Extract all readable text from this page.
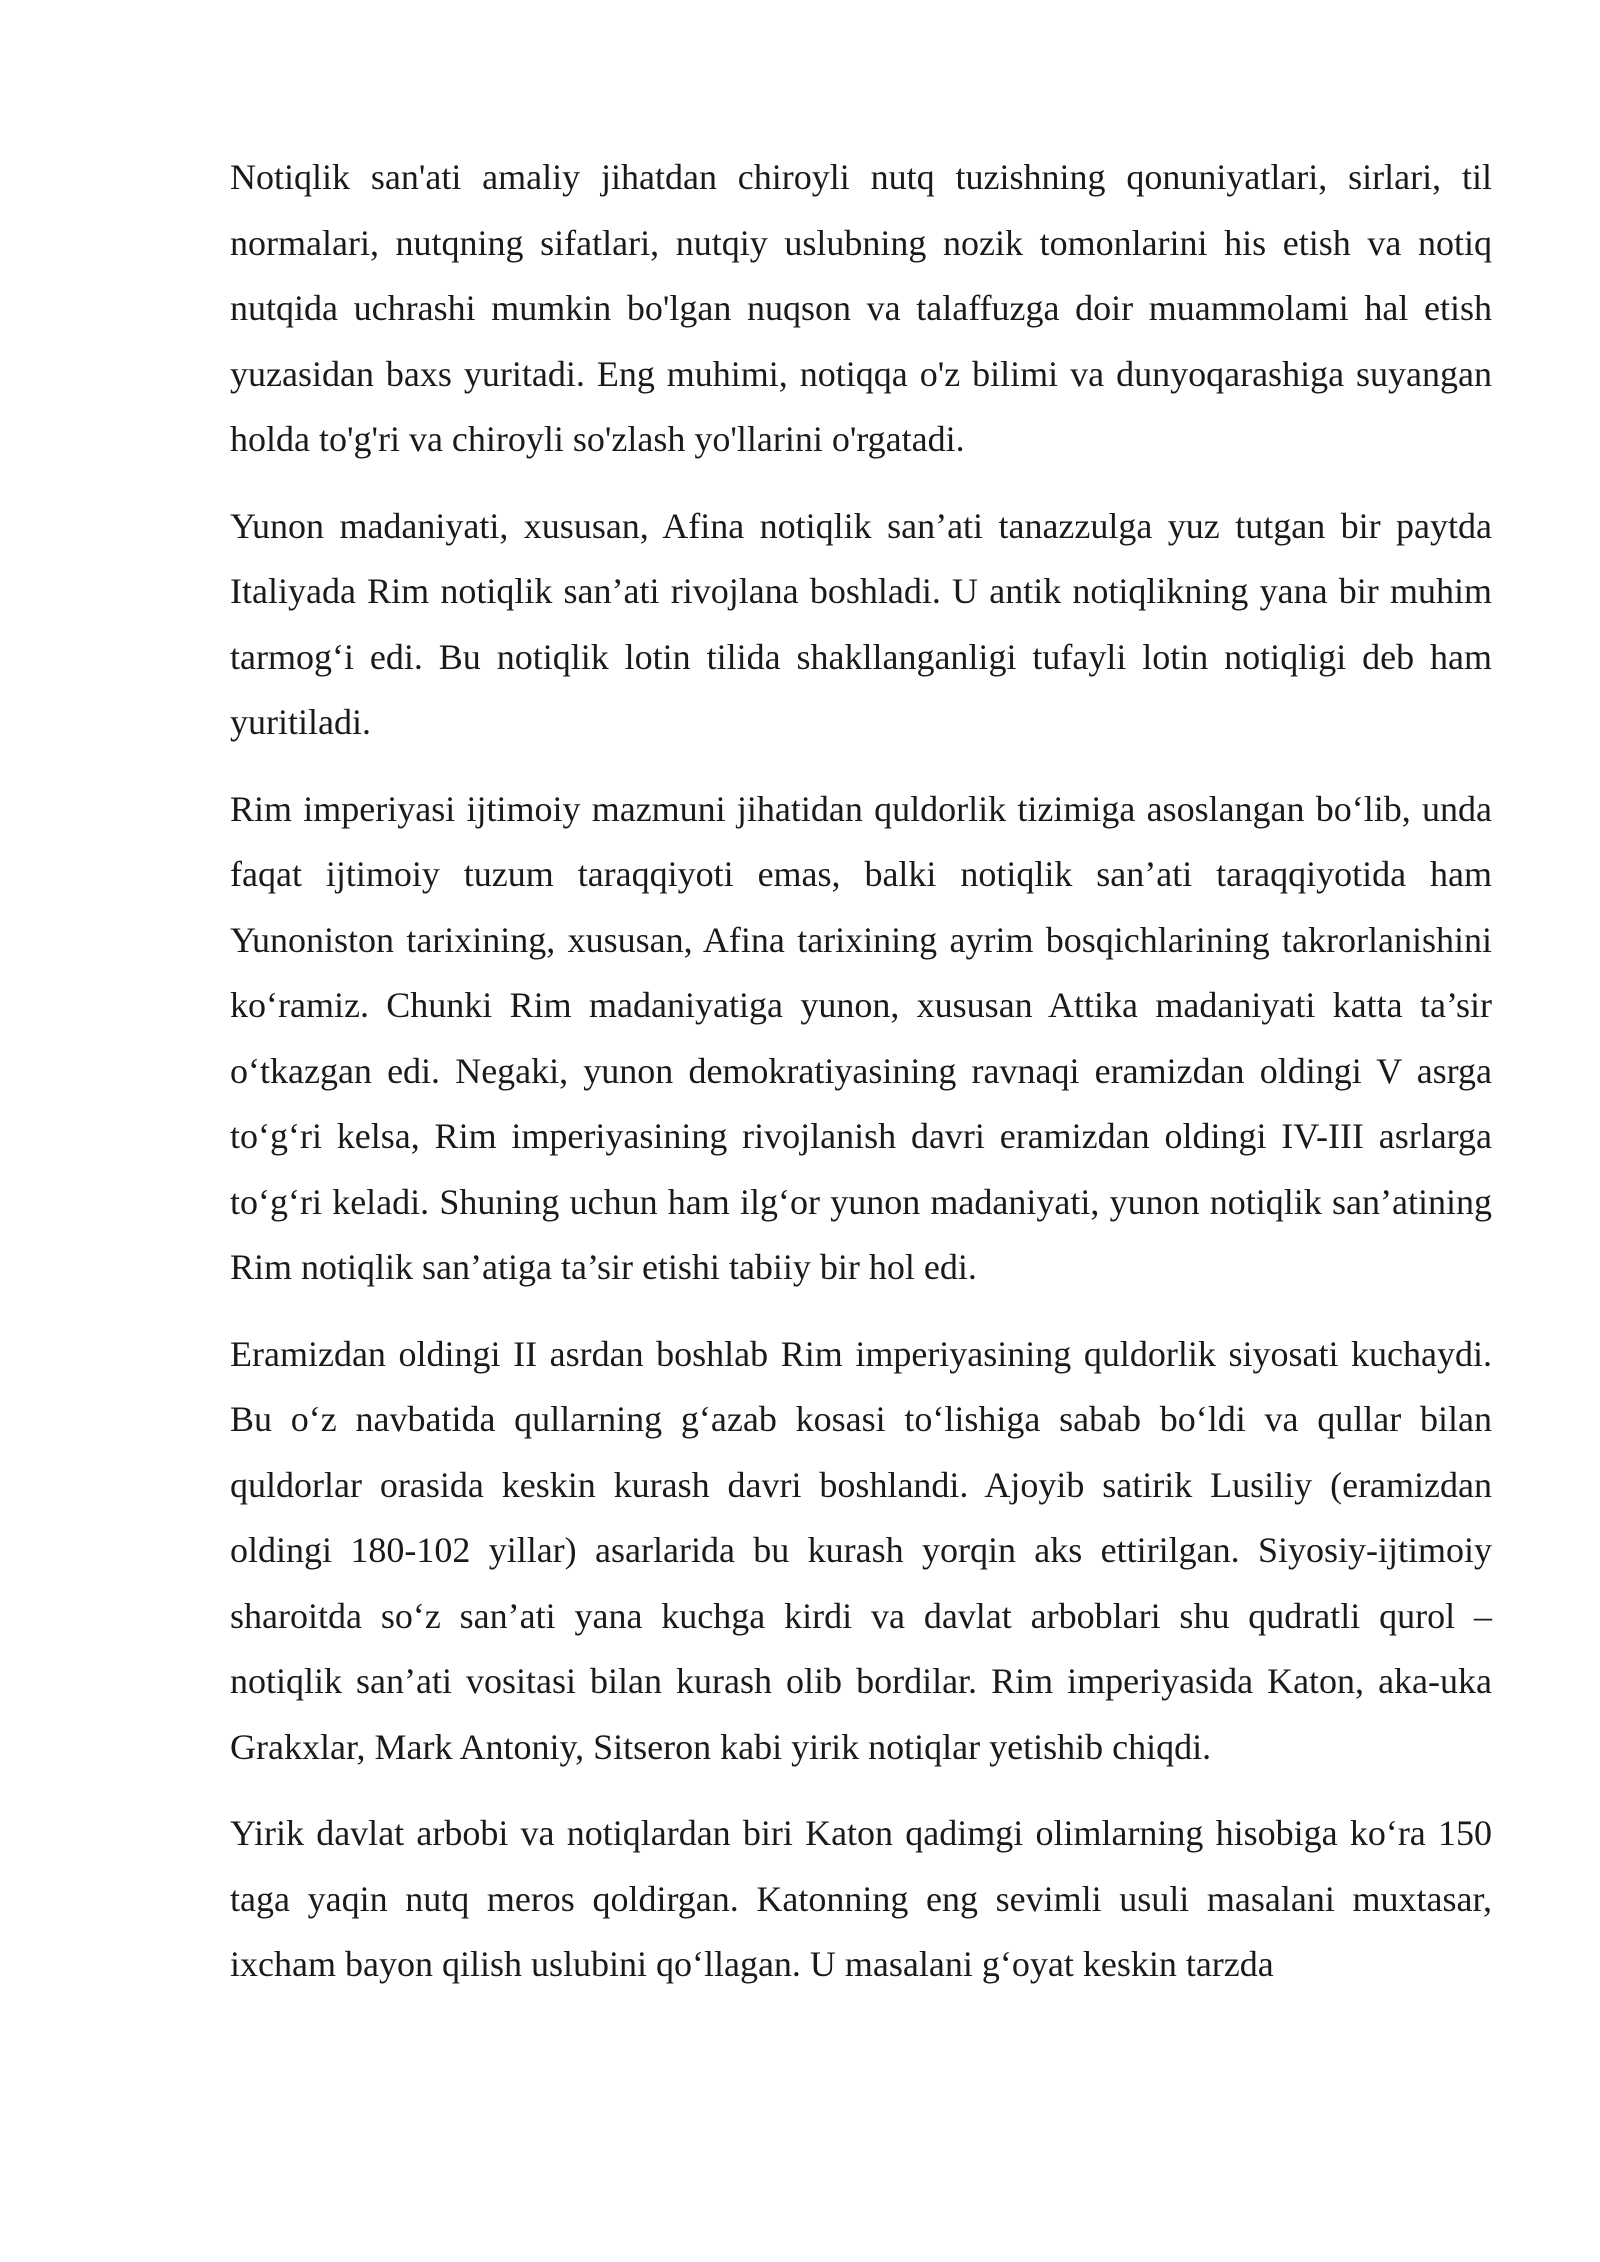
Notiqlik san'ati amaliy jihatdan chiroyli nutq tuzishning qonuniyatlari, sirlari, til normalari, nutqning sifatlari, nutqiy uslubning nozik tomonlarini his etish va notiq nutqida uchrashi mumkin bo'lgan nuqson va talaffuzga doir muammolami hal etish yuzasidan baxs yuritadi. Eng muhimi, notiqqa o'z bilimi va dunyoqarashiga suyangan holda to'g'ri va chiroyli so'zlash yo'llarini o'rgatadi.

Yunon madaniyati, xususan, Afina notiqlik san’ati tanazzulga yuz tutgan bir paytda Italiyada Rim notiqlik san’ati rivojlana boshladi. U antik notiqlikning yana bir muhim tarmog‘i edi. Bu notiqlik lotin tilida shakllanganligi tufayli lotin notiqligi deb ham yuritiladi.

Rim imperiyasi ijtimoiy mazmuni jihatidan quldorlik tizimiga asoslangan bo‘lib, unda faqat ijtimoiy tuzum taraqqiyoti emas, balki notiqlik san’ati taraqqiyotida ham Yunoniston tarixining, xususan, Afina tarixining ayrim bosqichlarining takrorlanishini ko‘ramiz. Chunki Rim madaniyatiga yunon, xususan Attika madaniyati katta ta’sir o‘tkazgan edi. Negaki, yunon demokratiyasining ravnaqi eramizdan oldingi V asrga to‘g‘ri kelsa, Rim imperiyasining rivojlanish davri eramizdan oldingi IV-III asrlarga to‘g‘ri keladi. Shuning uchun ham ilg‘or yunon madaniyati, yunon notiqlik san’atining Rim notiqlik san’atiga ta’sir etishi tabiiy bir hol edi.

Eramizdan oldingi II asrdan boshlab Rim imperiyasining quldorlik siyosati kuchaydi. Bu o‘z navbatida qullarning g‘azab kosasi to‘lishiga sabab bo‘ldi va qullar bilan quldorlar orasida keskin kurash davri boshlandi. Ajoyib satirik Lusiliy (eramizdan oldingi 180-102 yillar) asarlarida bu kurash yorqin aks ettirilgan. Siyosiy-ijtimoiy sharoitda so‘z san’ati yana kuchga kirdi va davlat arboblari shu qudratli qurol – notiqlik san’ati vositasi bilan kurash olib bordilar. Rim imperiyasida Katon, aka-uka Grakxlar, Mark Antoniy, Sitseron kabi yirik notiqlar yetishib chiqdi.

Yirik davlat arbobi va notiqlardan biri Katon qadimgi olimlarning hisobiga ko‘ra 150 taga yaqin nutq meros qoldirgan. Katonning eng sevimli usuli masalani muxtasar, ixcham bayon qilish uslubini qo‘llagan. U masalani g‘oyat keskin tarzda
